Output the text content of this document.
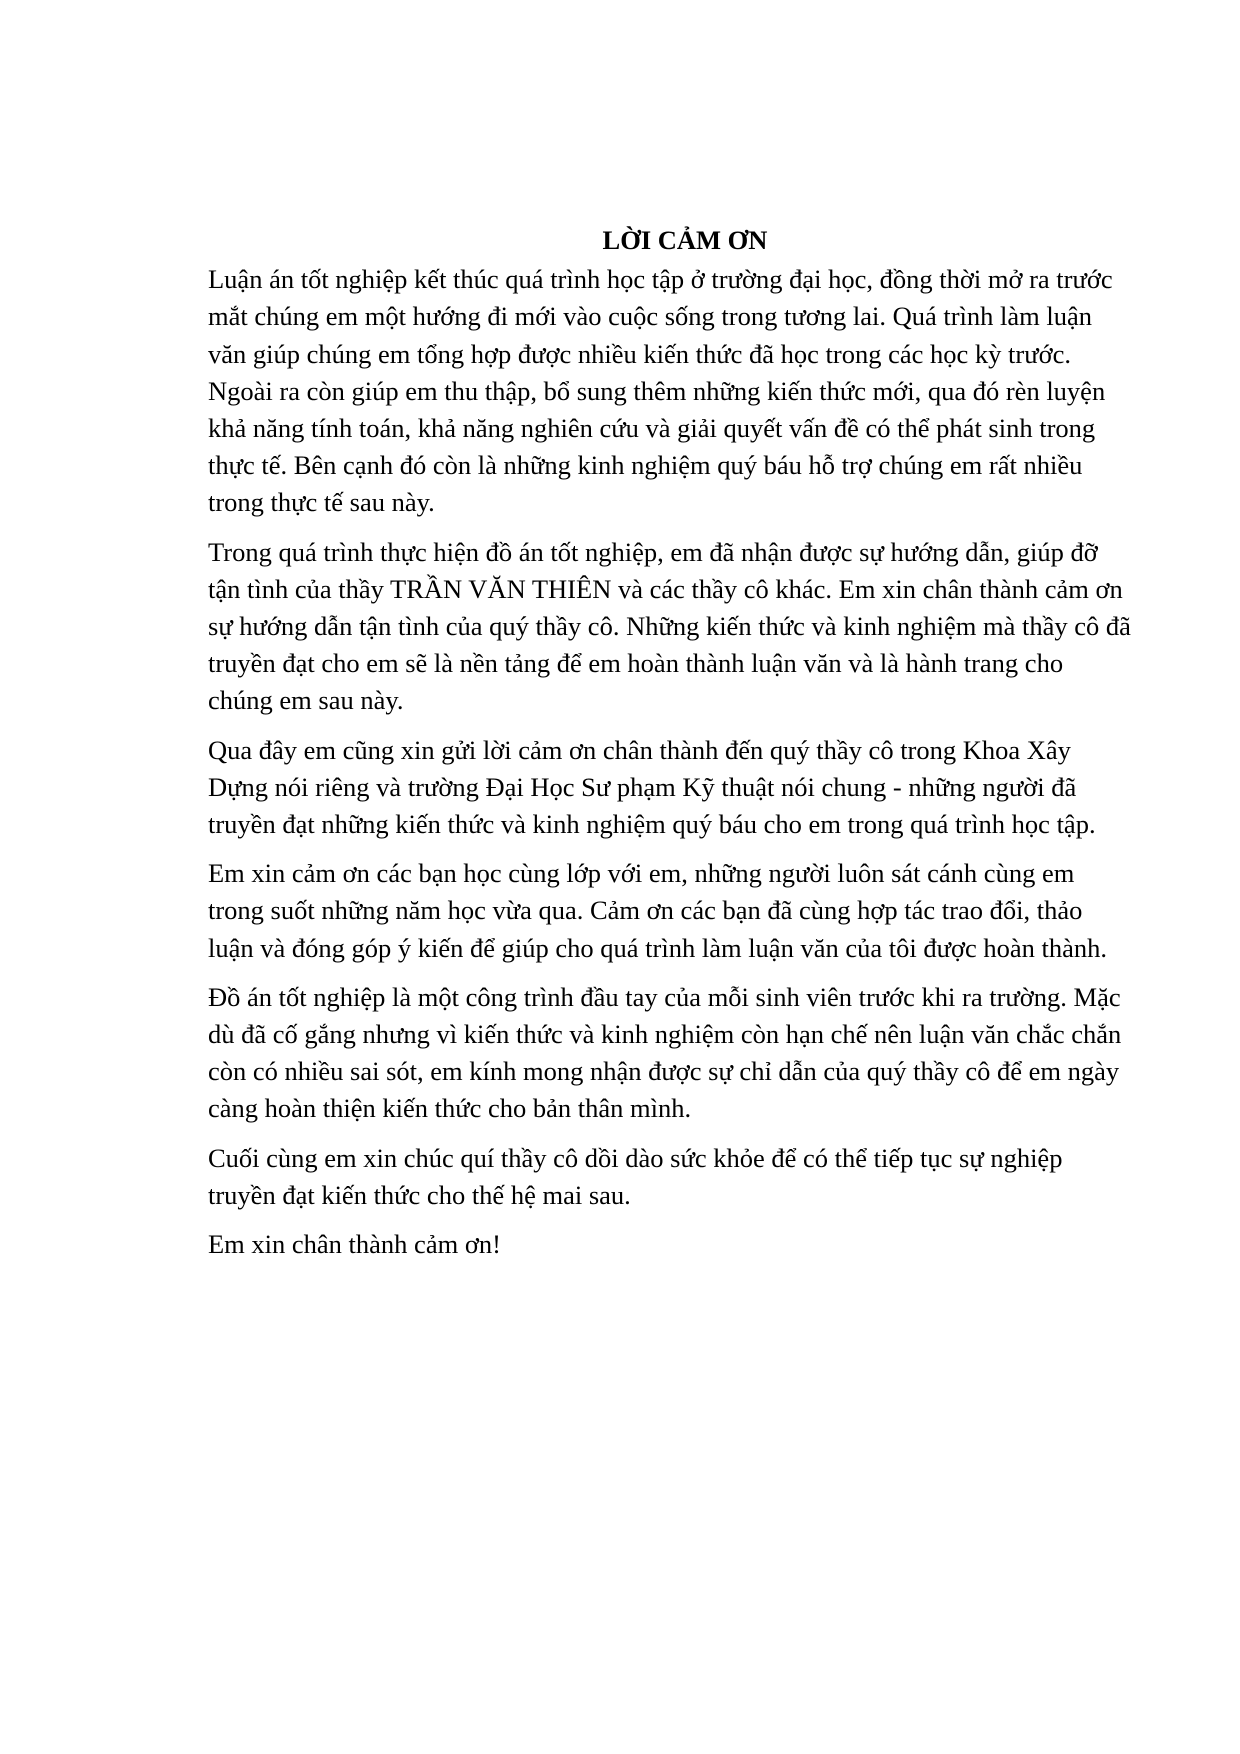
LỜI CẢM ƠN

Luận án tốt nghiệp kết thúc quá trình học tập ở trường đại học, đồng thời mở ra trước mắt chúng em một hướng đi mới vào cuộc sống trong tương lai. Quá trình làm luận văn giúp chúng em tổng hợp được nhiều kiến thức đã học trong các học kỳ trước. Ngoài ra còn giúp em thu thập, bổ sung thêm những kiến thức mới, qua đó rèn luyện khả năng tính toán, khả năng nghiên cứu và giải quyết vấn đề có thể phát sinh trong thực tế. Bên cạnh đó còn là những kinh nghiệm quý báu hỗ trợ chúng em rất nhiều trong thực tế sau này.

Trong quá trình thực hiện đồ án tốt nghiệp, em đã nhận được sự hướng dẫn, giúp đỡ tận tình của thầy TRẦN VĂN THIÊN và các thầy cô khác. Em xin chân thành cảm ơn sự hướng dẫn tận tình của quý thầy cô. Những kiến thức và kinh nghiệm mà thầy cô đã truyền đạt cho em sẽ là nền tảng để em hoàn thành luận văn và là hành trang cho chúng em sau này.

Qua đây em cũng xin gửi lời cảm ơn chân thành đến quý thầy cô trong Khoa Xây Dựng nói riêng và trường Đại Học Sư phạm Kỹ thuật nói chung - những người đã truyền đạt những kiến thức và kinh nghiệm quý báu cho em trong quá trình học tập.

Em xin cảm ơn các bạn học cùng lớp với em, những người luôn sát cánh cùng em trong suốt những năm học vừa qua. Cảm ơn các bạn đã cùng hợp tác trao đổi, thảo luận và đóng góp ý kiến để giúp cho quá trình làm luận văn của tôi được hoàn thành.

Đồ án tốt nghiệp là một công trình đầu tay của mỗi sinh viên trước khi ra trường. Mặc dù đã cố gắng nhưng vì kiến thức và kinh nghiệm còn hạn chế nên luận văn chắc chắn còn có nhiều sai sót, em kính mong nhận được sự chỉ dẫn của quý thầy cô để em ngày càng hoàn thiện kiến thức cho bản thân mình.

Cuối cùng em xin chúc quí thầy cô dồi dào sức khỏe để có thể tiếp tục sự nghiệp truyền đạt kiến thức cho thế hệ mai sau.

Em xin chân thành cảm ơn!
